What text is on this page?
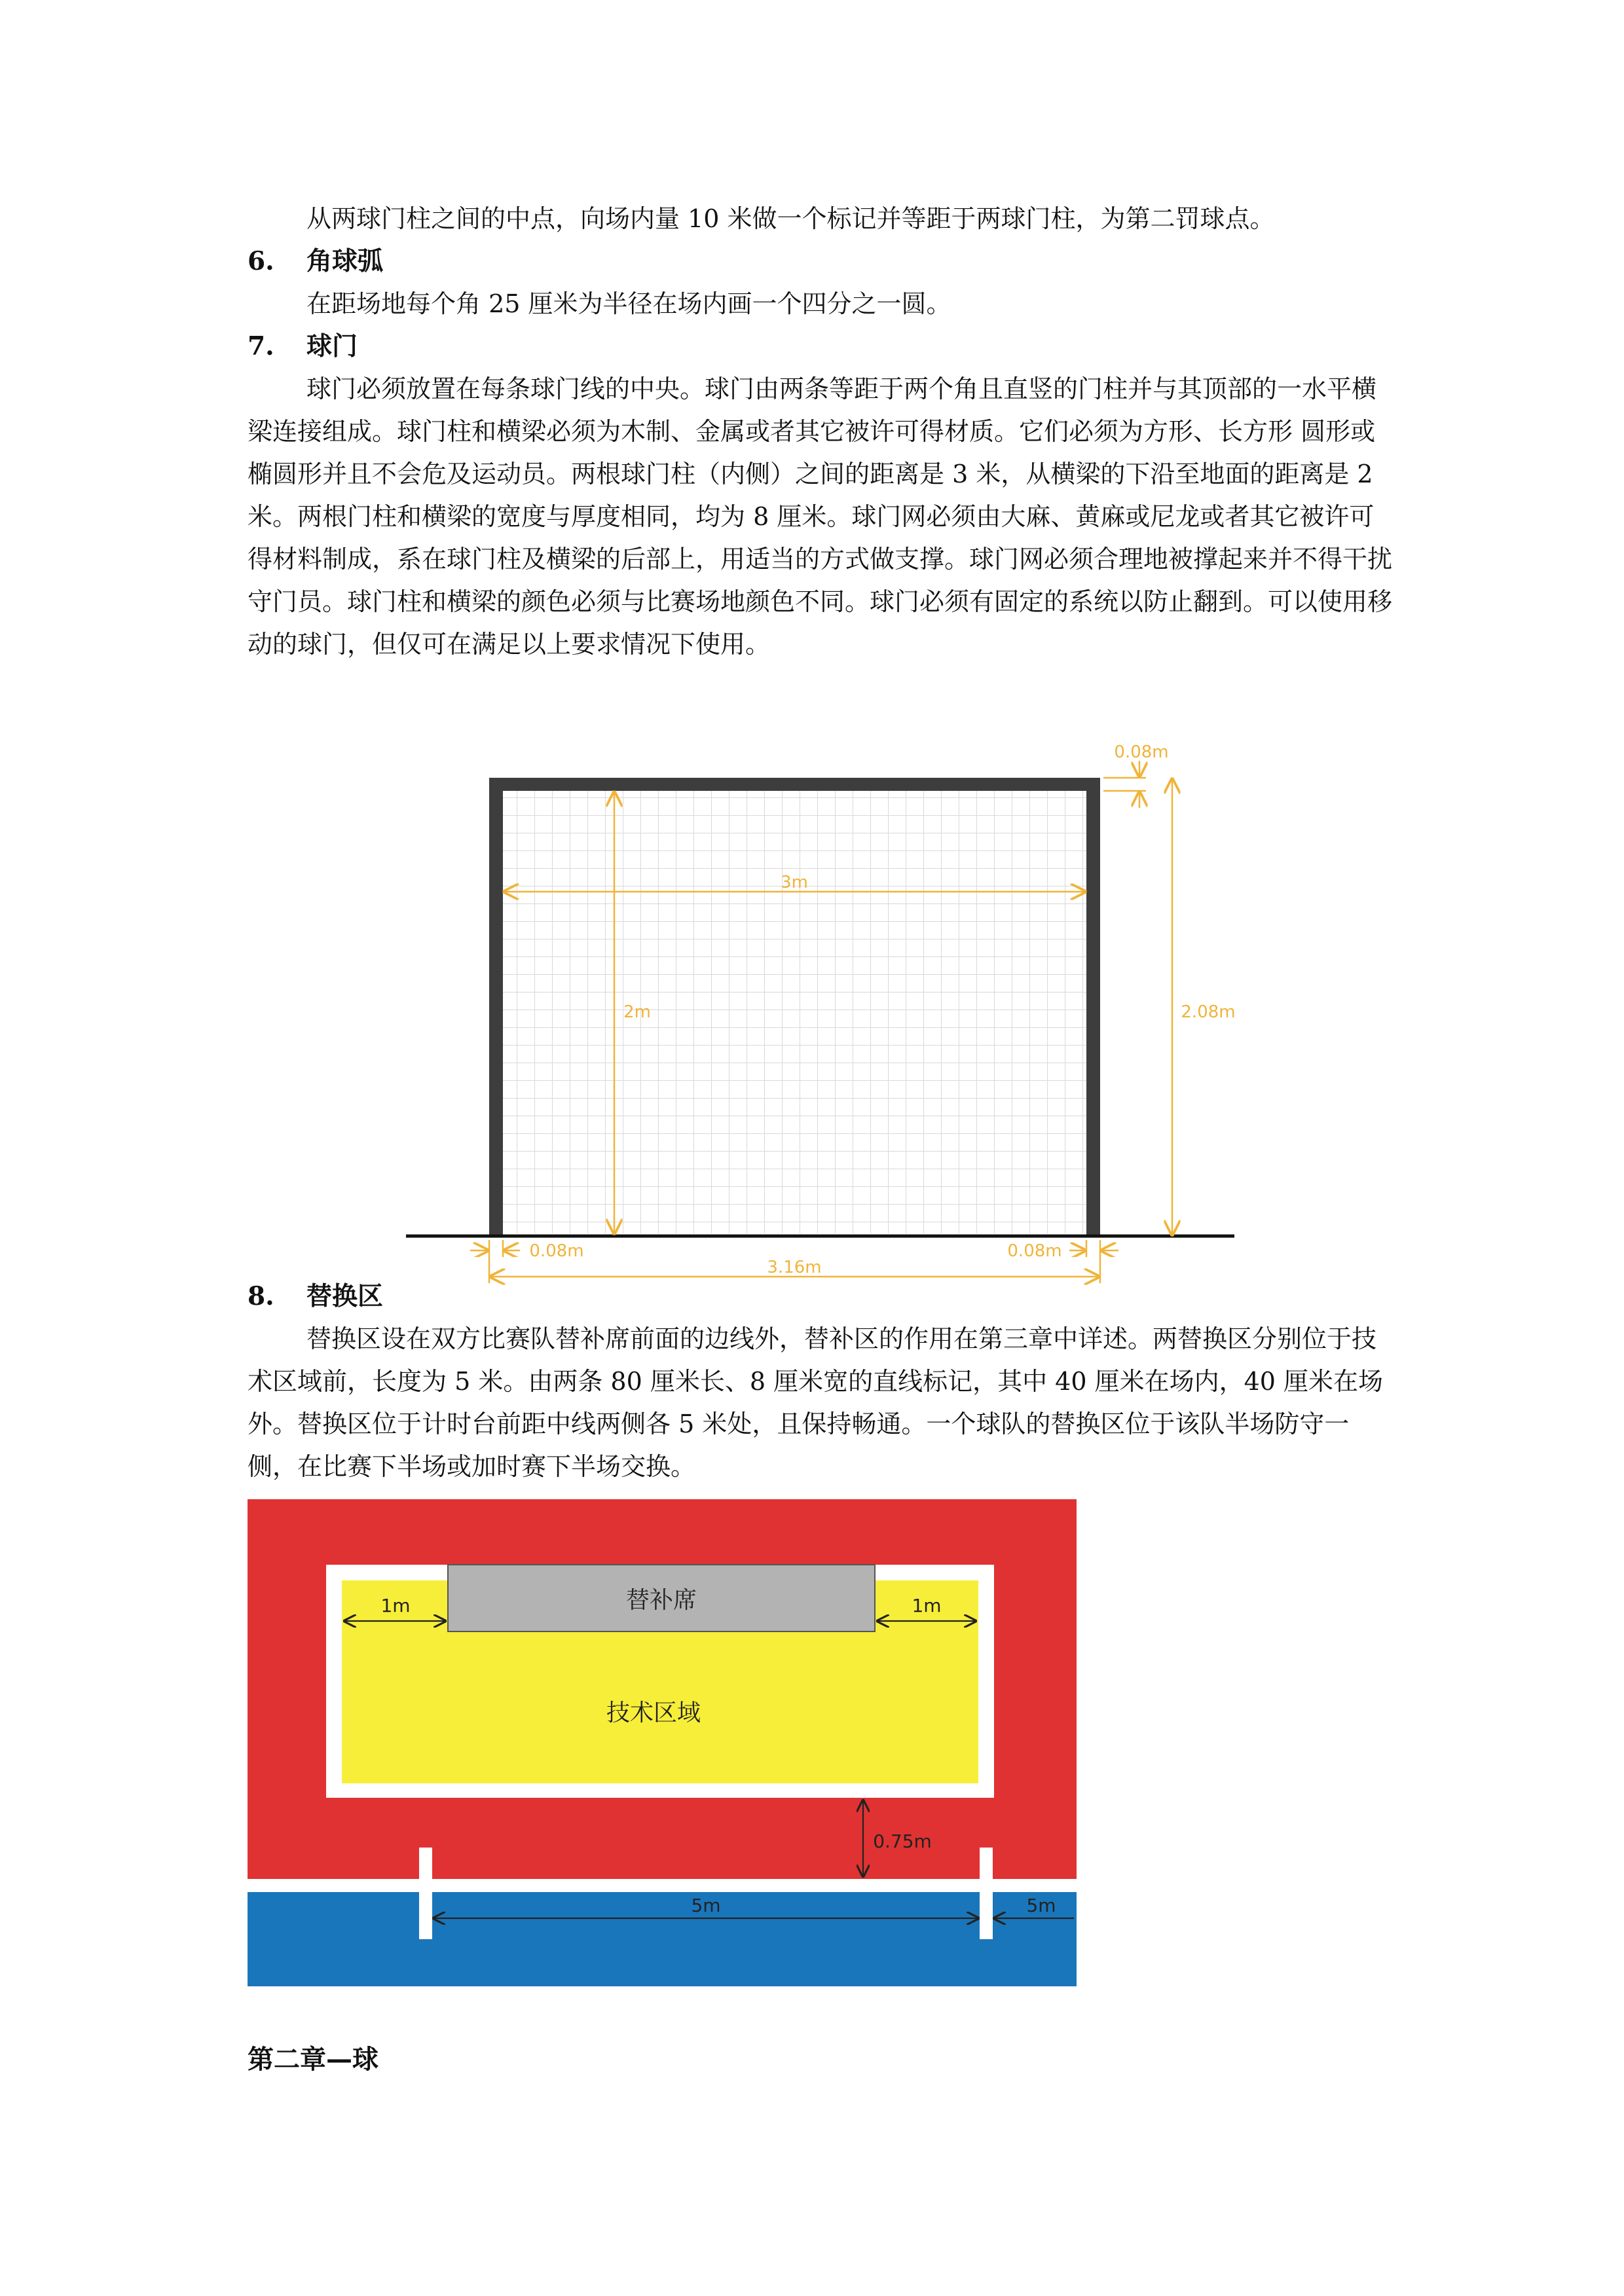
从两球门柱之间的中点，向场内量 10 米做一个标记并等距于两球门柱，为第二罚球点。

6. 角球弧

在距场地每个角 25 厘米为半径在场内画一个四分之一圆。

7. 球门

球门必须放置在每条球门线的中央。球门由两条等距于两个角且直竖的门柱并与其顶部的一水平横梁连接组成。球门柱和横梁必须为木制、金属或者其它被许可得材质。它们必须为方形、长方形 圆形或椭圆形并且不会危及运动员。两根球门柱（内侧）之间的距离是 3 米，从横梁的下沿至地面的距离是 2 米。两根门柱和横梁的宽度与厚度相同，均为 8 厘米。球门网必须由大麻、黄麻或尼龙或者其它被许可得材料制成，系在球门柱及横梁的后部上，用适当的方式做支撑。球门网必须合理地被撑起来并不得干扰守门员。球门柱和横梁的颜色必须与比赛场地颜色不同。球门必须有固定的系统以防止翻到。可以使用移动的球门，但仅可在满足以上要求情况下使用。

0.08m
3m
2m	2.08m
0.08m	0.08m
3.16m

8. 替换区

替换区设在双方比赛队替补席前面的边线外，替补区的作用在第三章中详述。两替换区分别位于技术区域前，长度为 5 米。由两条 80 厘米长、8 厘米宽的直线标记，其中 40 厘米在场内，40 厘米在场外。替换区位于计时台前距中线两侧各 5 米处，且保持畅通。一个球队的替换区位于该队半场防守一侧，在比赛下半场或加时赛下半场交换。

1m	1m
替补席
技术区域
0.75m
5m	5m

第二章—球
